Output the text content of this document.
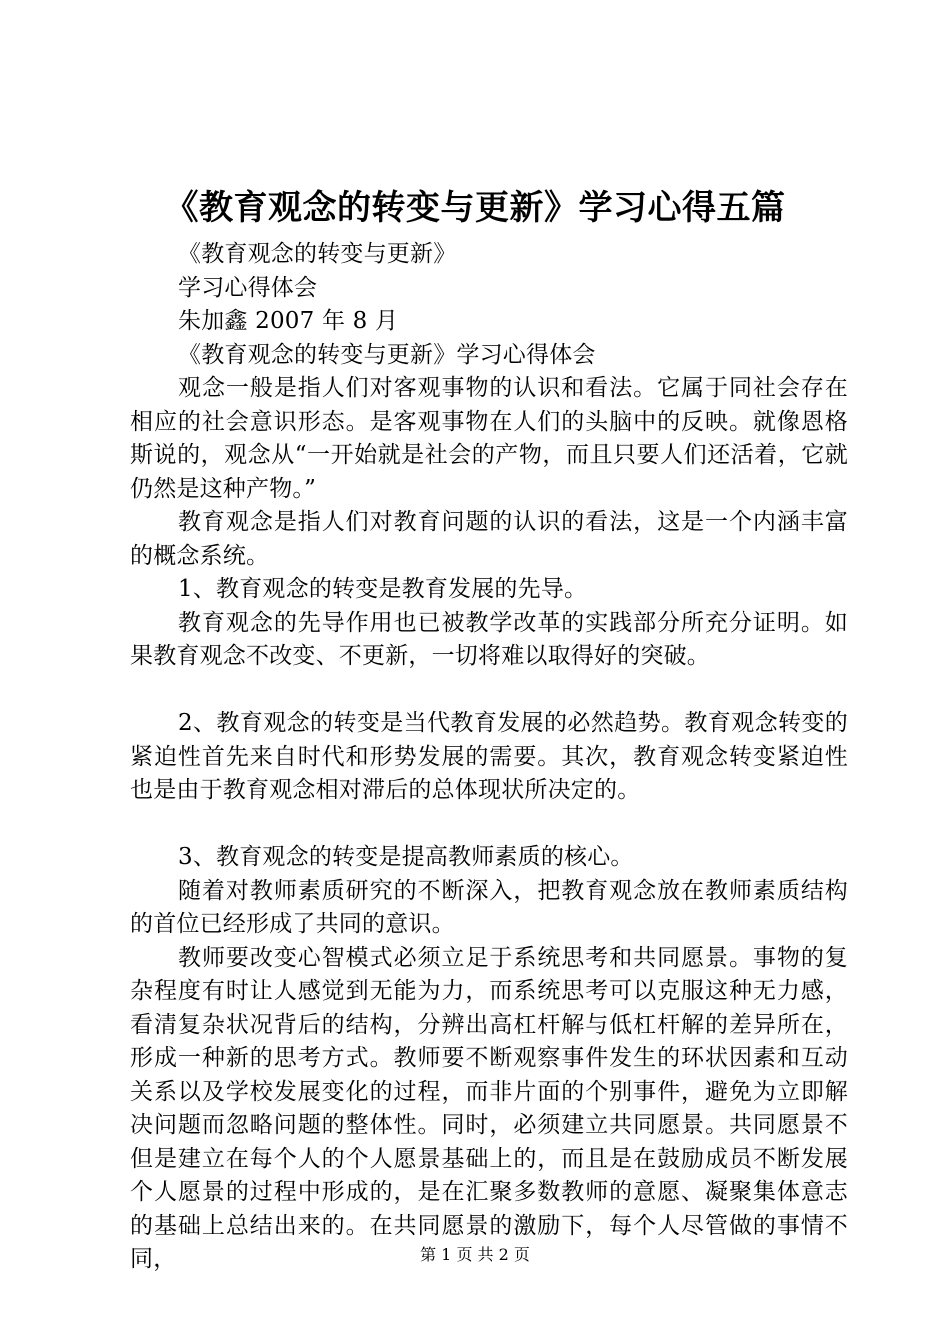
《教育观念的转变与更新》学习心得五篇

《教育观念的转变与更新》

学习心得体会

朱加鑫 2007 年 8 月

《教育观念的转变与更新》学习心得体会

观念一般是指人们对客观事物的认识和看法。它属于同社会存在相应的社会意识形态。是客观事物在人们的头脑中的反映。就像恩格斯说的，观念从“一开始就是社会的产物，而且只要人们还活着，它就仍然是这种产物。”

教育观念是指人们对教育问题的认识的看法，这是一个内涵丰富的概念系统。

1、教育观念的转变是教育发展的先导。

教育观念的先导作用也已被教学改革的实践部分所充分证明。如果教育观念不改变、不更新，一切将难以取得好的突破。

2、教育观念的转变是当代教育发展的必然趋势。教育观念转变的紧迫性首先来自时代和形势发展的需要。其次，教育观念转变紧迫性也是由于教育观念相对滞后的总体现状所决定的。

3、教育观念的转变是提高教师素质的核心。

随着对教师素质研究的不断深入，把教育观念放在教师素质结构的首位已经形成了共同的意识。

教师要改变心智模式必须立足于系统思考和共同愿景。事物的复杂程度有时让人感觉到无能为力，而系统思考可以克服这种无力感，看清复杂状况背后的结构，分辨出高杠杆解与低杠杆解的差异所在，形成一种新的思考方式。教师要不断观察事件发生的环状因素和互动关系以及学校发展变化的过程，而非片面的个别事件，避免为立即解决问题而忽略问题的整体性。同时，必须建立共同愿景。共同愿景不但是建立在每个人的个人愿景基础上的，而且是在鼓励成员不断发展个人愿景的过程中形成的，是在汇聚多数教师的意愿、凝聚集体意志的基础上总结出来的。在共同愿景的激励下，每个人尽管做的事情不同，	第 1 页 共 2 页
